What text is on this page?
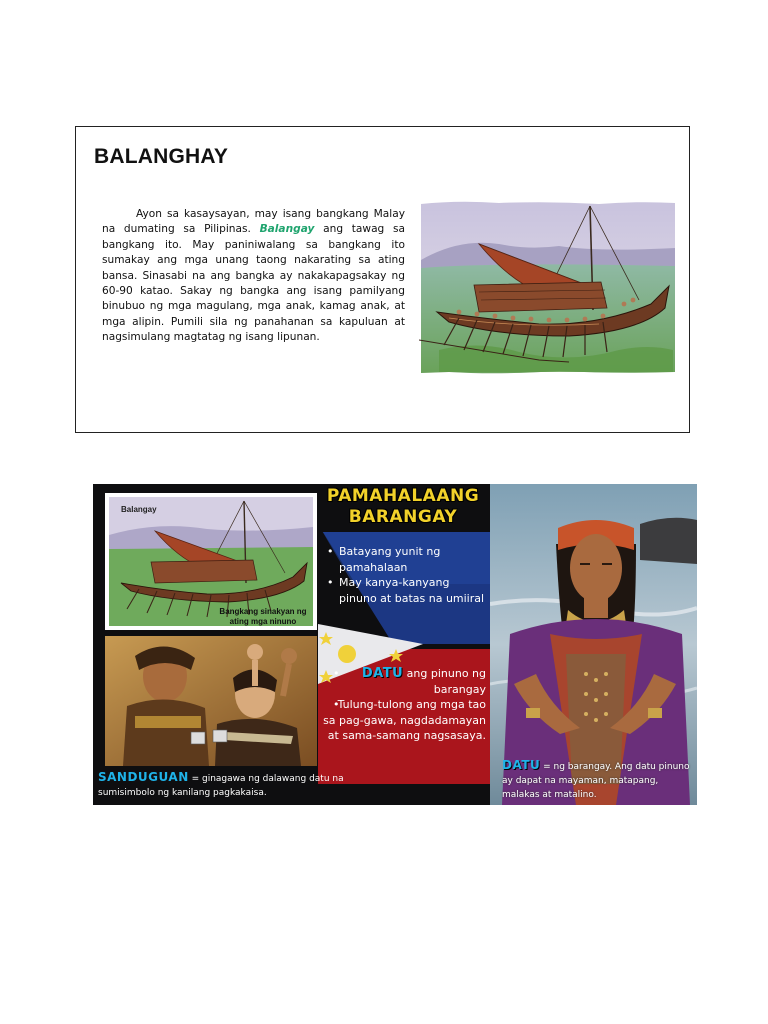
BALANGHAY

Ayon sa kasaysayan, may isang bangkang Malay na dumating sa Pilipinas. Balangay ang tawag sa bangkang ito. May paniniwalang sa bangkang ito sumakay ang mga unang taong nakarating sa ating bansa. Sinasabi na ang bangka ay nakakapagsakay ng 60-90 katao. Sakay ng bangka ang isang pamilyang binubuo ng mga magulang, mga anak, kamag anak, at mga alipin. Pumili sila ng panahanan sa kapuluan at nagsimulang magtatag ng isang lipunan.

Balangay
Bangkang sinakyan ng ating mga ninuno
PAMAHALAANG
BARANGAY
• Batayang yunit ng pamahalaan
• May kanya-kanyang pinuno at batas na umiiral
• DATU ang pinuno ng barangay
• Tulung-tulong ang mga tao sa pag-gawa, nagdadamayan at sama-samang nagsasaya.
SANDUGUAN = ginagawa ng dalawang datu na sumisimbolo ng kanilang pagkakaisa.
DATU = ng barangay. Ang datu pinuno ay dapat na mayaman, matapang, malakas at matalino.
